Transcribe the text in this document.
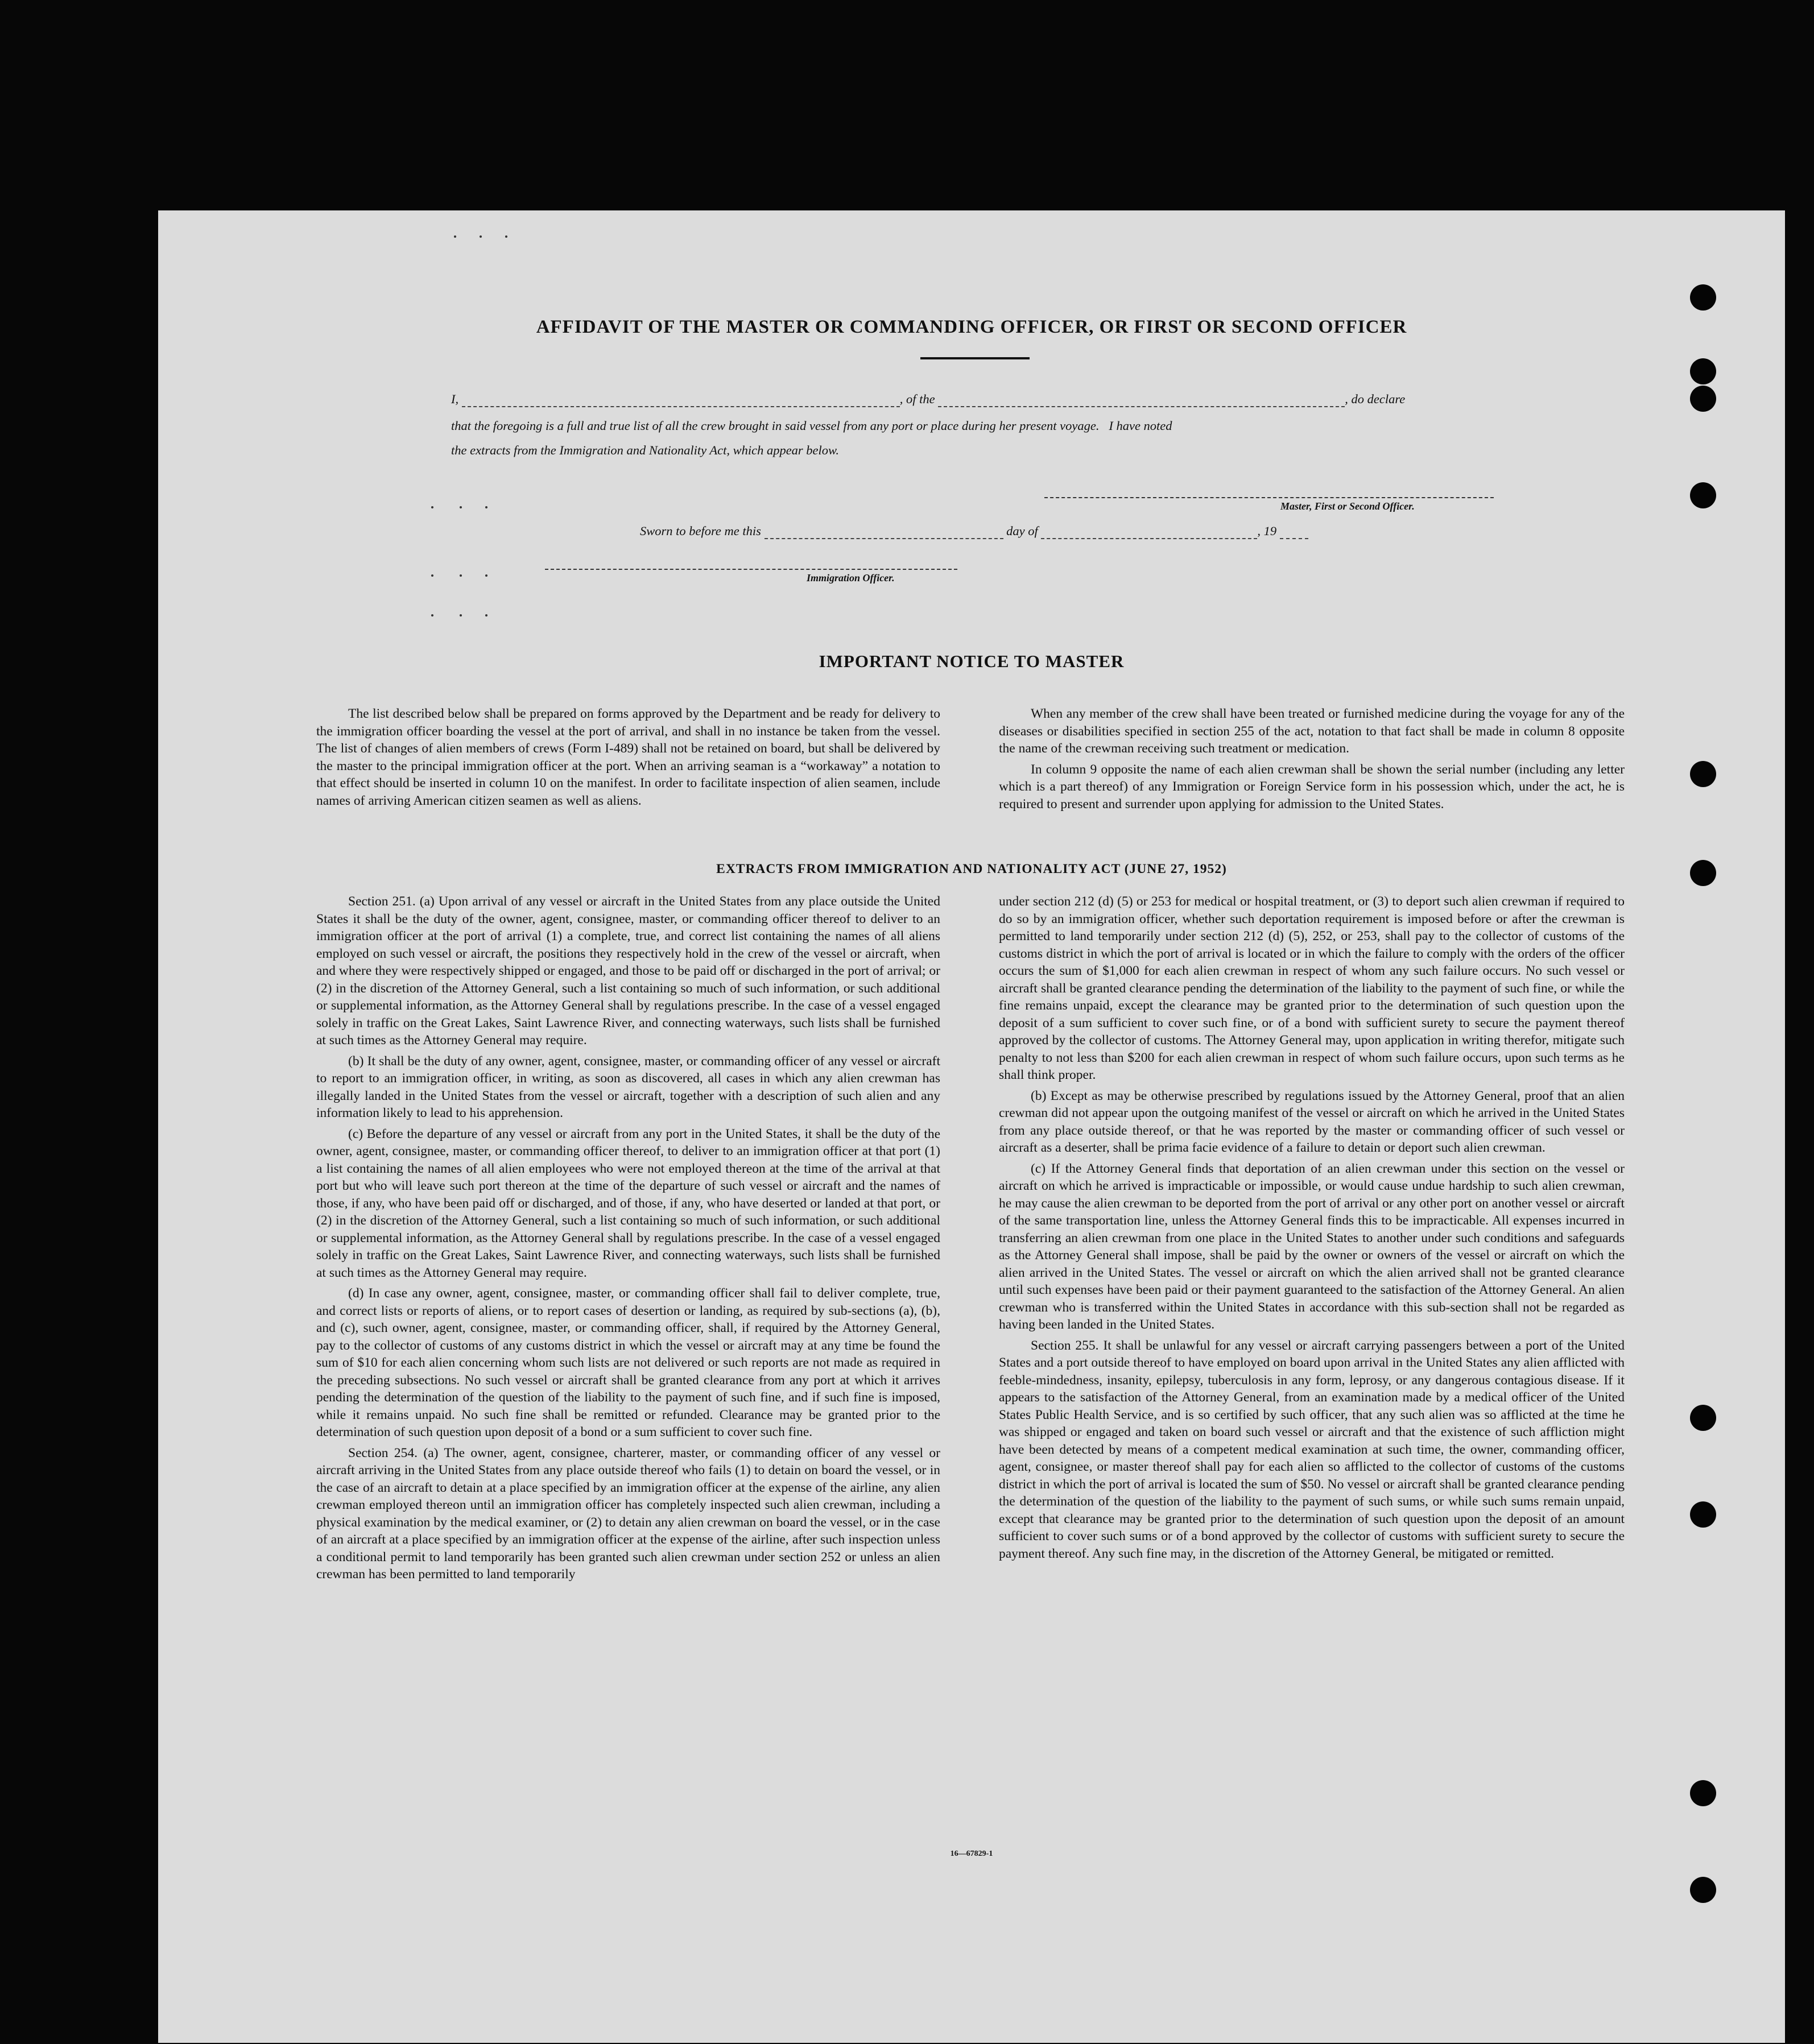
AFFIDAVIT OF THE MASTER OR COMMANDING OFFICER, OR FIRST OR SECOND OFFICER
I,	, of the	, do declare
that the foregoing is a full and true list of all the crew brought in said vessel from any port or place during her present voyage.   I have noted
the extracts from the Immigration and Nationality Act, which appear below.
Master, First or Second Officer.
Sworn to before me this	day of	, 19
Immigration Officer.
IMPORTANT NOTICE TO MASTER

The list described below shall be prepared on forms approved by the Department and be ready for delivery to the immigration officer boarding the vessel at the port of arrival, and shall in no instance be taken from the vessel. The list of changes of alien members of crews (Form I-489) shall not be retained on board, but shall be delivered by the master to the principal immigration officer at the port. When an arriving seaman is a “workaway” a notation to that effect should be inserted in column 10 on the manifest. In order to facilitate inspection of alien seamen, include names of arriving American citizen seamen as well as aliens.

When any member of the crew shall have been treated or furnished medicine during the voyage for any of the diseases or disabilities specified in section 255 of the act, notation to that fact shall be made in column 8 opposite the name of the crewman receiving such treatment or medication.

In column 9 opposite the name of each alien crewman shall be shown the serial number (including any letter which is a part thereof) of any Immigration or Foreign Service form in his possession which, under the act, he is required to present and surrender upon applying for admission to the United States.

EXTRACTS FROM IMMIGRATION AND NATIONALITY ACT (JUNE 27, 1952)

Section 251. (a) Upon arrival of any vessel or aircraft in the United States from any place outside the United States it shall be the duty of the owner, agent, consignee, master, or commanding officer thereof to deliver to an immigration officer at the port of arrival (1) a complete, true, and correct list containing the names of all aliens employed on such vessel or aircraft, the positions they respectively hold in the crew of the vessel or aircraft, when and where they were respectively shipped or engaged, and those to be paid off or discharged in the port of arrival; or (2) in the discretion of the Attorney General, such a list containing so much of such information, or such additional or supplemental information, as the Attorney General shall by regulations prescribe. In the case of a vessel engaged solely in traffic on the Great Lakes, Saint Lawrence River, and connecting waterways, such lists shall be furnished at such times as the Attorney General may require.

(b) It shall be the duty of any owner, agent, consignee, master, or commanding officer of any vessel or aircraft to report to an immigration officer, in writing, as soon as discovered, all cases in which any alien crewman has illegally landed in the United States from the vessel or aircraft, together with a description of such alien and any information likely to lead to his apprehension.

(c) Before the departure of any vessel or aircraft from any port in the United States, it shall be the duty of the owner, agent, consignee, master, or commanding officer thereof, to deliver to an immigration officer at that port (1) a list containing the names of all alien employees who were not employed thereon at the time of the arrival at that port but who will leave such port thereon at the time of the departure of such vessel or aircraft and the names of those, if any, who have been paid off or discharged, and of those, if any, who have deserted or landed at that port, or (2) in the discretion of the Attorney General, such a list containing so much of such information, or such additional or supplemental information, as the Attorney General shall by regulations prescribe. In the case of a vessel engaged solely in traffic on the Great Lakes, Saint Lawrence River, and connecting waterways, such lists shall be furnished at such times as the Attorney General may require.

(d) In case any owner, agent, consignee, master, or commanding officer shall fail to deliver complete, true, and correct lists or reports of aliens, or to report cases of desertion or landing, as required by sub-sections (a), (b), and (c), such owner, agent, consignee, master, or commanding officer, shall, if required by the Attorney General, pay to the collector of customs of any customs district in which the vessel or aircraft may at any time be found the sum of $10 for each alien concerning whom such lists are not delivered or such reports are not made as required in the preceding subsections. No such vessel or aircraft shall be granted clearance from any port at which it arrives pending the determination of the question of the liability to the payment of such fine, and if such fine is imposed, while it remains unpaid. No such fine shall be remitted or refunded. Clearance may be granted prior to the determination of such question upon deposit of a bond or a sum sufficient to cover such fine.

Section 254. (a) The owner, agent, consignee, charterer, master, or commanding officer of any vessel or aircraft arriving in the United States from any place outside thereof who fails (1) to detain on board the vessel, or in the case of an aircraft to detain at a place specified by an immigration officer at the expense of the airline, any alien crewman employed thereon until an immigration officer has completely inspected such alien crewman, including a physical examination by the medical examiner, or (2) to detain any alien crewman on board the vessel, or in the case of an aircraft at a place specified by an immigration officer at the expense of the airline, after such inspection unless a conditional permit to land temporarily has been granted such alien crewman under section 252 or unless an alien crewman has been permitted to land temporarily

under section 212 (d) (5) or 253 for medical or hospital treatment, or (3) to deport such alien crewman if required to do so by an immigration officer, whether such deportation requirement is imposed before or after the crewman is permitted to land temporarily under section 212 (d) (5), 252, or 253, shall pay to the collector of customs of the customs district in which the port of arrival is located or in which the failure to comply with the orders of the officer occurs the sum of $1,000 for each alien crewman in respect of whom any such failure occurs. No such vessel or aircraft shall be granted clearance pending the determination of the liability to the payment of such fine, or while the fine remains unpaid, except the clearance may be granted prior to the determination of such question upon the deposit of a sum sufficient to cover such fine, or of a bond with sufficient surety to secure the payment thereof approved by the collector of customs. The Attorney General may, upon application in writing therefor, mitigate such penalty to not less than $200 for each alien crewman in respect of whom such failure occurs, upon such terms as he shall think proper.

(b) Except as may be otherwise prescribed by regulations issued by the Attorney General, proof that an alien crewman did not appear upon the outgoing manifest of the vessel or aircraft on which he arrived in the United States from any place outside thereof, or that he was reported by the master or commanding officer of such vessel or aircraft as a deserter, shall be prima facie evidence of a failure to detain or deport such alien crewman.

(c) If the Attorney General finds that deportation of an alien crewman under this section on the vessel or aircraft on which he arrived is impracticable or impossible, or would cause undue hardship to such alien crewman, he may cause the alien crewman to be deported from the port of arrival or any other port on another vessel or aircraft of the same transportation line, unless the Attorney General finds this to be impracticable. All expenses incurred in transferring an alien crewman from one place in the United States to another under such conditions and safeguards as the Attorney General shall impose, shall be paid by the owner or owners of the vessel or aircraft on which the alien arrived in the United States. The vessel or aircraft on which the alien arrived shall not be granted clearance until such expenses have been paid or their payment guaranteed to the satisfaction of the Attorney General. An alien crewman who is transferred within the United States in accordance with this sub-section shall not be regarded as having been landed in the United States.

Section 255. It shall be unlawful for any vessel or aircraft carrying passengers between a port of the United States and a port outside thereof to have employed on board upon arrival in the United States any alien afflicted with feeble-mindedness, insanity, epilepsy, tuberculosis in any form, leprosy, or any dangerous contagious disease. If it appears to the satisfaction of the Attorney General, from an examination made by a medical officer of the United States Public Health Service, and is so certified by such officer, that any such alien was so afflicted at the time he was shipped or engaged and taken on board such vessel or aircraft and that the existence of such affliction might have been detected by means of a competent medical examination at such time, the owner, commanding officer, agent, consignee, or master thereof shall pay for each alien so afflicted to the collector of customs of the customs district in which the port of arrival is located the sum of $50. No vessel or aircraft shall be granted clearance pending the determination of the question of the liability to the payment of such sums, or while such sums remain unpaid, except that clearance may be granted prior to the determination of such question upon the deposit of an amount sufficient to cover such sums or of a bond approved by the collector of customs with sufficient surety to secure the payment thereof. Any such fine may, in the discretion of the Attorney General, be mitigated or remitted.

16—67829-1
